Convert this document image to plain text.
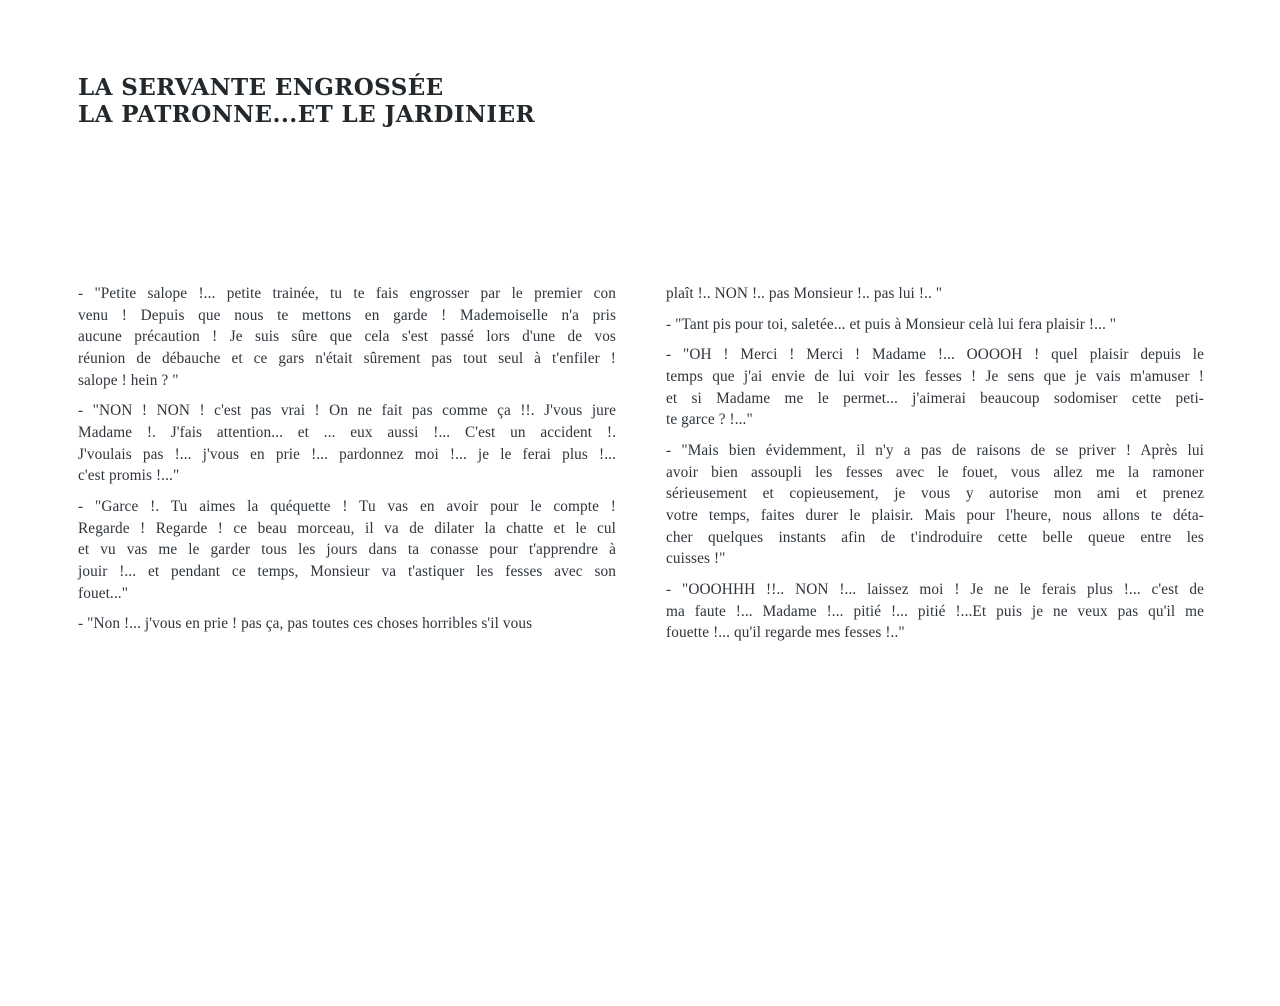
LA SERVANTE ENGROSSÉE
LA PATRONNE...ET LE JARDINIER

- "Petite salope !... petite trainée, tu te fais engrosser par le premier con
venu ! Depuis que nous te mettons en garde ! Mademoiselle n'a pris
aucune précaution ! Je suis sûre que cela s'est passé lors d'une de vos
réunion de débauche et ce gars n'était sûrement pas tout seul à t'enfiler !
salope ! hein ? "

- "NON ! NON ! c'est pas vrai ! On ne fait pas comme ça !!. J'vous jure
Madame !. J'fais attention... et ... eux aussi !... C'est un accident !.
J'voulais pas !... j'vous en prie !... pardonnez moi !... je le ferai plus !...
c'est promis !..."

- "Garce !. Tu aimes la quéquette ! Tu vas en avoir pour le compte !
Regarde ! Regarde ! ce beau morceau, il va de dilater la chatte et le cul
et vu vas me le garder tous les jours dans ta conasse pour t'apprendre à
jouir !... et pendant ce temps, Monsieur va t'astiquer les fesses avec son
fouet..."

- "Non !... j'vous en prie ! pas ça, pas toutes ces choses horribles s'il vous

plaît !.. NON !.. pas Monsieur !.. pas lui !.. "

- "Tant pis pour toi, saletée... et puis à Monsieur celà lui fera plaisir !... "

- "OH ! Merci ! Merci ! Madame !... OOOOH ! quel plaisir depuis le
temps que j'ai envie de lui voir les fesses ! Je sens que je vais m'amuser !
et si Madame me le permet... j'aimerai beaucoup sodomiser cette peti-
te garce ? !..."

- "Mais bien évidemment, il n'y a pas de raisons de se priver ! Après lui
avoir bien assoupli les fesses avec le fouet, vous allez me la ramoner
sérieusement et copieusement, je vous y autorise mon ami et prenez
votre temps, faites durer le plaisir. Mais pour l'heure, nous allons te déta-
cher quelques instants afin de t'indroduire cette belle queue entre les
cuisses !"

- "OOOHHH !!.. NON !... laissez moi ! Je ne le ferais plus !... c'est de
ma faute !... Madame !... pitié !... pitié !...Et puis je ne veux pas qu'il me
fouette !... qu'il regarde mes fesses !.."
